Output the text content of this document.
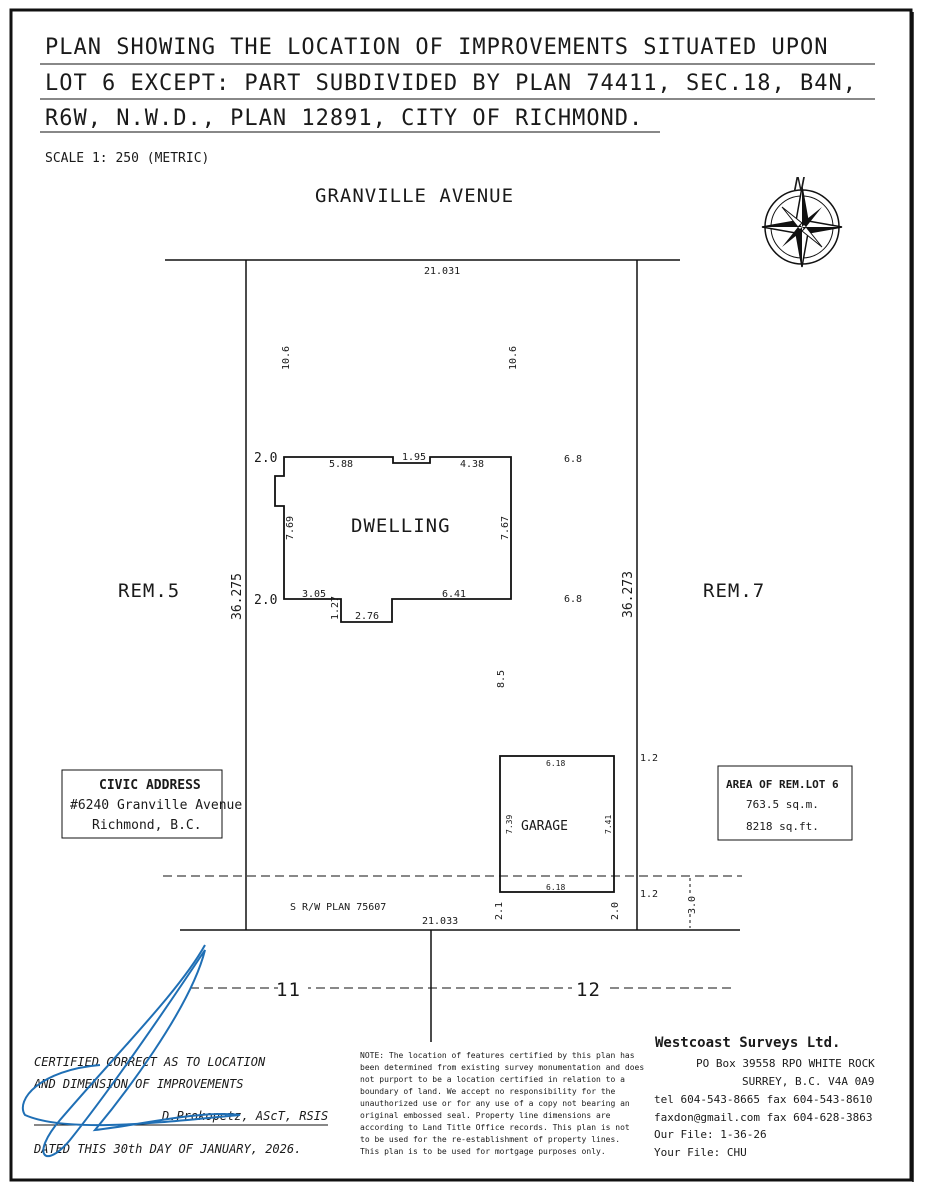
PLAN SHOWING THE LOCATION OF IMPROVEMENTS SITUATED UPON
LOT 6 EXCEPT: PART SUBDIVIDED BY PLAN 74411, SEC.18, B4N,
R6W, N.W.D., PLAN 12891, CITY OF RICHMOND.
SCALE 1: 250 (METRIC)
GRANVILLE AVENUE
N
11	12
21.031
21.033
36.275	36.273
10.6	10.6
2.0
2.0
6.8
6.8
8.5
1.2
1.2
2.1	2.0	3.0
S R/W PLAN 75607
REM.5	REM.7
DWELLING
5.88
1.95
4.38
7.69	7.67
3.05	6.41
1.27 2.76
GARAGE
6.18
6.18
7.39	7.41
CIVIC ADDRESS
#6240 Granville Avenue
Richmond, B.C.
AREA OF REM.LOT 6
763.5 sq.m.
8218 sq.ft.
CERTIFIED CORRECT AS TO LOCATION
AND DIMENSION OF IMPROVEMENTS
D.Prokopetz, AScT, RSIS
DATED THIS 30th DAY OF JANUARY, 2026.
NOTE: The location of features certified by this plan has
been determined from existing survey monumentation and does
not purport to be a location certified in relation to a
boundary of land. We accept no responsibility for the
unauthorized use or for any use of a copy not bearing an
original embossed seal. Property line dimensions are
according to Land Title Office records. This plan is not
to be used for the re-establishment of property lines.
This plan is to be used for mortgage purposes only.
Westcoast Surveys Ltd.
PO Box 39558 RPO WHITE ROCK
SURREY, B.C. V4A 0A9
tel 604-543-8665 fax 604-543-8610
faxdon@gmail.com fax 604-628-3863
Our File: 1-36-26
Your File: CHU
